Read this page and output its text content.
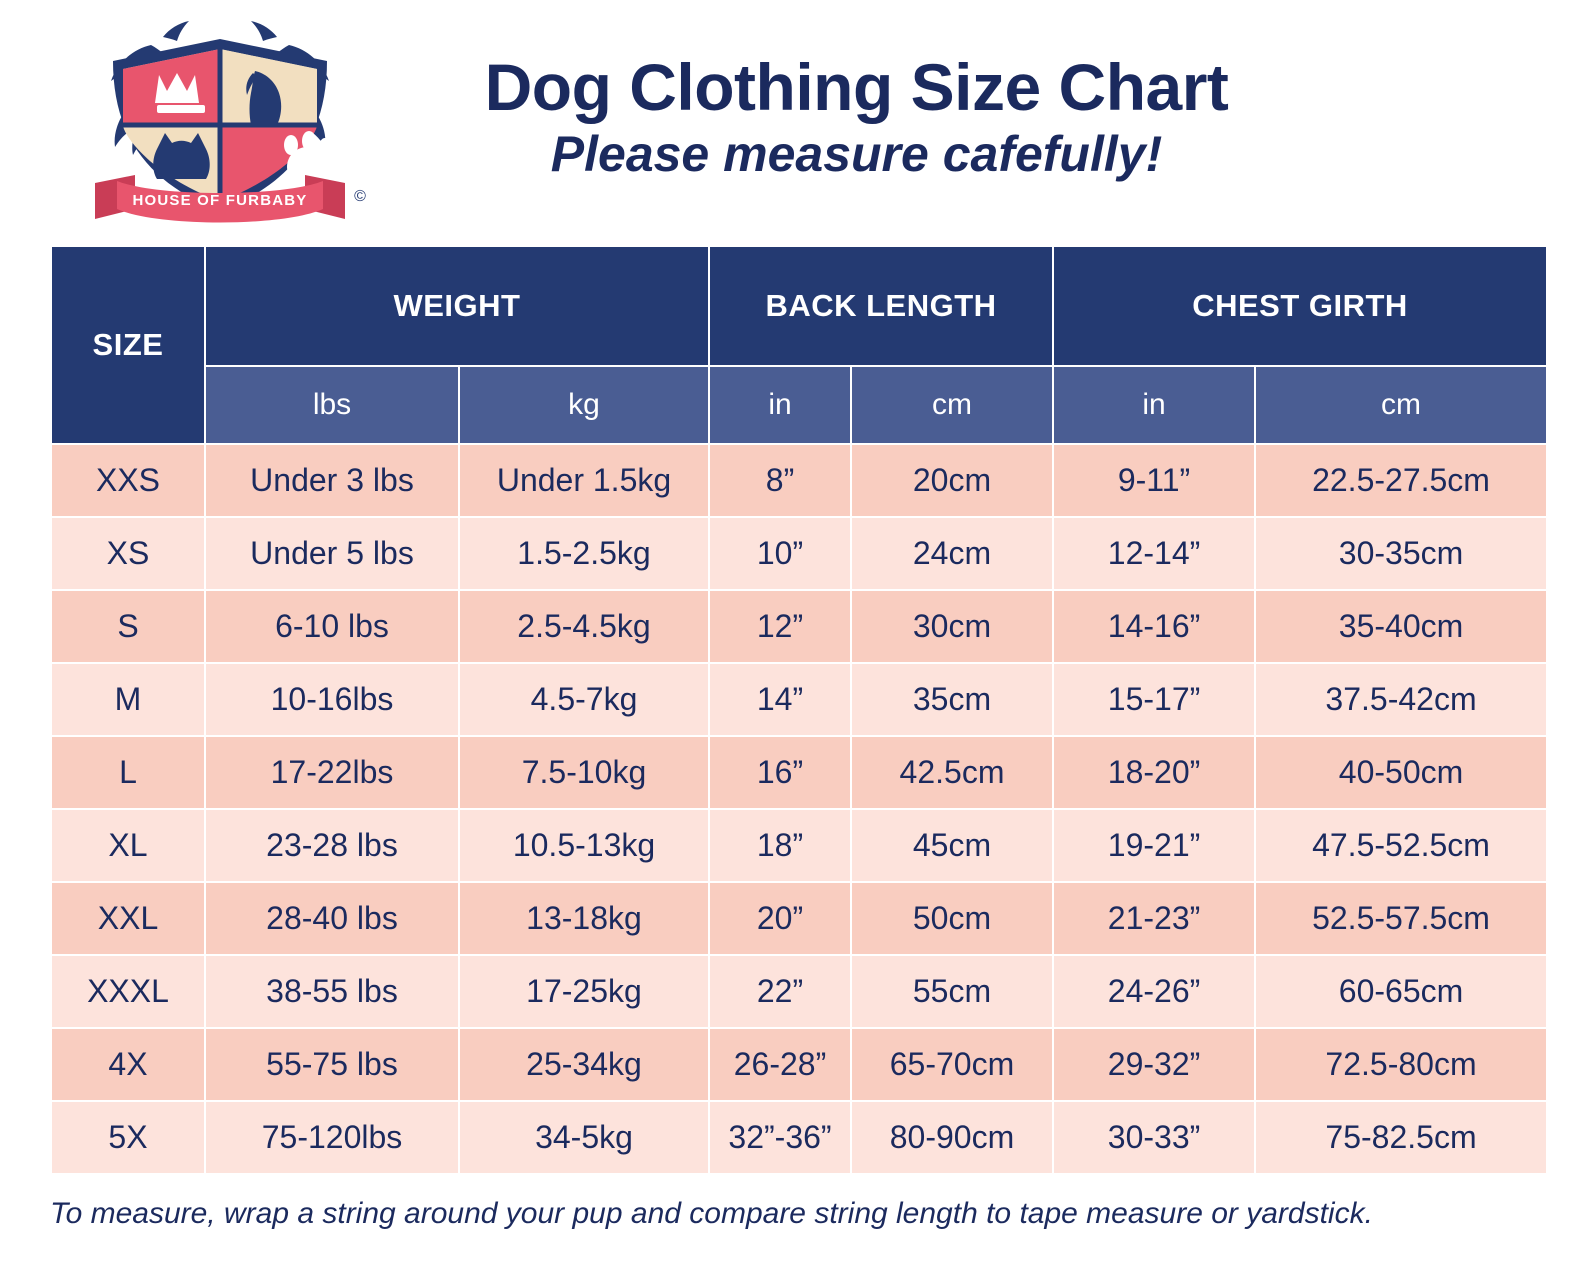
HOUSE OF FURBABY	©
Dog Clothing Size Chart
Please measure cafefully!
SIZE	WEIGHT		BACK LENGTH		CHEST GIRTH	
	lbs	kg	in	cm	in	cm
XXS	Under 3 lbs	Under 1.5kg	8”	20cm	9-11”	22.5-27.5cm
XS	Under 5 lbs	1.5-2.5kg	10”	24cm	12-14”	30-35cm
S	6-10 lbs	2.5-4.5kg	12”	30cm	14-16”	35-40cm
M	10-16lbs	4.5-7kg	14”	35cm	15-17”	37.5-42cm
L	17-22lbs	7.5-10kg	16”	42.5cm	18-20”	40-50cm
XL	23-28 lbs	10.5-13kg	18”	45cm	19-21”	47.5-52.5cm
XXL	28-40 lbs	13-18kg	20”	50cm	21-23”	52.5-57.5cm
XXXL	38-55 lbs	17-25kg	22”	55cm	24-26”	60-65cm
4X	55-75 lbs	25-34kg	26-28”	65-70cm	29-32”	72.5-80cm
5X	75-120lbs	34-5kg	32”-36”	80-90cm	30-33”	75-82.5cm
To measure, wrap a string around your pup and compare string length to tape measure or yardstick.
